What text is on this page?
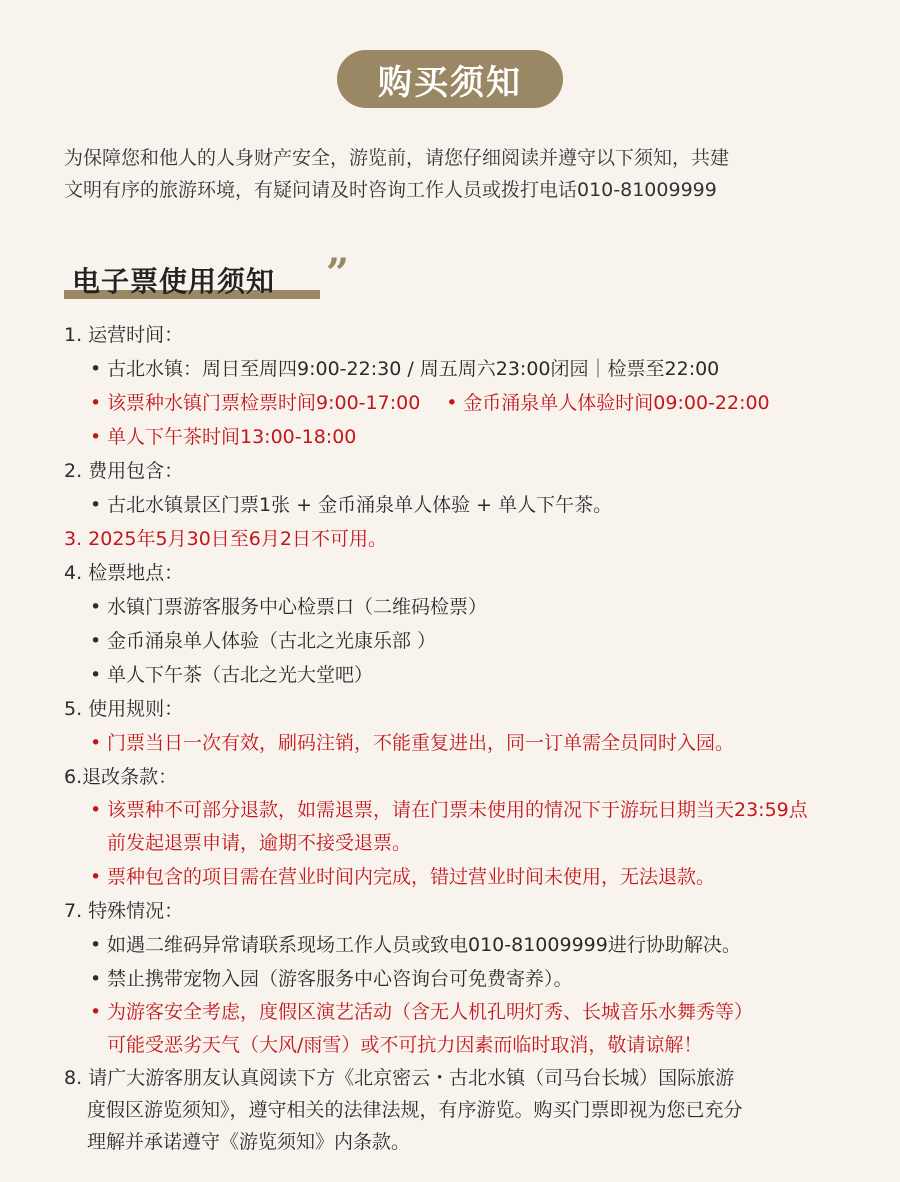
购买须知

为保障您和他人的人身财产安全，游览前，请您仔细阅读并遵守以下须知，共建

文明有序的旅游环境，有疑问请及时咨询工作人员或拨打电话010-81009999

电子票使用须知 ”
1. 运营时间：
• 古北水镇：周日至周四9:00-22:30 / 周五周六23:00闭园｜检票至22:00
• 该票种水镇门票检票时间9:00-17:00 • 金币涌泉单人体验时间09:00-22:00
• 单人下午茶时间13:00-18:00
2. 费用包含：
• 古北水镇景区门票1张 + 金币涌泉单人体验 + 单人下午茶。
3. 2025年5月30日至6月2日不可用。
4. 检票地点：
• 水镇门票游客服务中心检票口（二维码检票）
• 金币涌泉单人体验（古北之光康乐部 ）
• 单人下午茶（古北之光大堂吧）
5. 使用规则：
• 门票当日一次有效，刷码注销，不能重复进出，同一订单需全员同时入园。
6.退改条款：
• 该票种不可部分退款，如需退票，请在门票未使用的情况下于游玩日期当天23:59点
前发起退票申请，逾期不接受退票。
• 票种包含的项目需在营业时间内完成，错过营业时间未使用，无法退款。
7. 特殊情况：
• 如遇二维码异常请联系现场工作人员或致电010-81009999进行协助解决。
• 禁止携带宠物入园（游客服务中心咨询台可免费寄养）。
• 为游客安全考虑，度假区演艺活动（含无人机孔明灯秀、长城音乐水舞秀等）
可能受恶劣天气（大风/雨雪）或不可抗力因素而临时取消，敬请谅解！
8. 请广大游客朋友认真阅读下方《北京密云・古北水镇（司马台长城）国际旅游
度假区游览须知》，遵守相关的法律法规，有序游览。购买门票即视为您已充分
理解并承诺遵守《游览须知》内条款。
